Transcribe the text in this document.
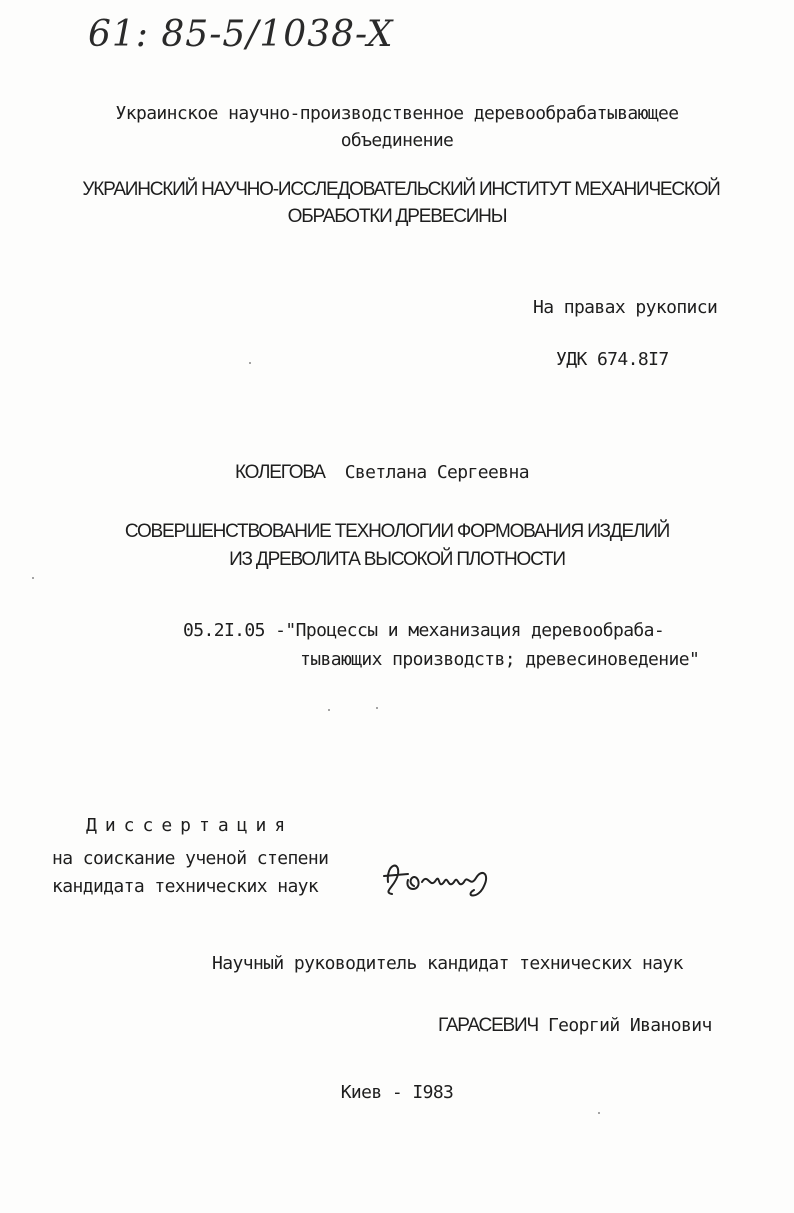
61: 85-5/1038-X
Украинское научно-производственное деревообрабатывающее
объединение
УКРАИНСКИЙ НАУЧНО-ИССЛЕДОВАТЕЛЬСКИЙ ИНСТИТУТ МЕХАНИЧЕСКОЙ
ОБРАБОТКИ ДРЕВЕСИНЫ
На правах рукописи
УДК 674.8I7
КОЛЕГОВА Светлана Сергеевна
СОВЕРШЕНСТВОВАНИЕ ТЕХНОЛОГИИ ФОРМОВАНИЯ ИЗДЕЛИЙ
ИЗ ДРЕВОЛИТА ВЫСОКОЙ ПЛОТНОСТИ
05.2I.05 -"Процессы и механизация деревообраба-
тывающих производств; древесиноведение"
Диссертация
на соискание ученой степени
кандидата технических наук
Научный руководитель кандидат технических наук
ГАРАСЕВИЧ Георгий Иванович
Киев - I983
